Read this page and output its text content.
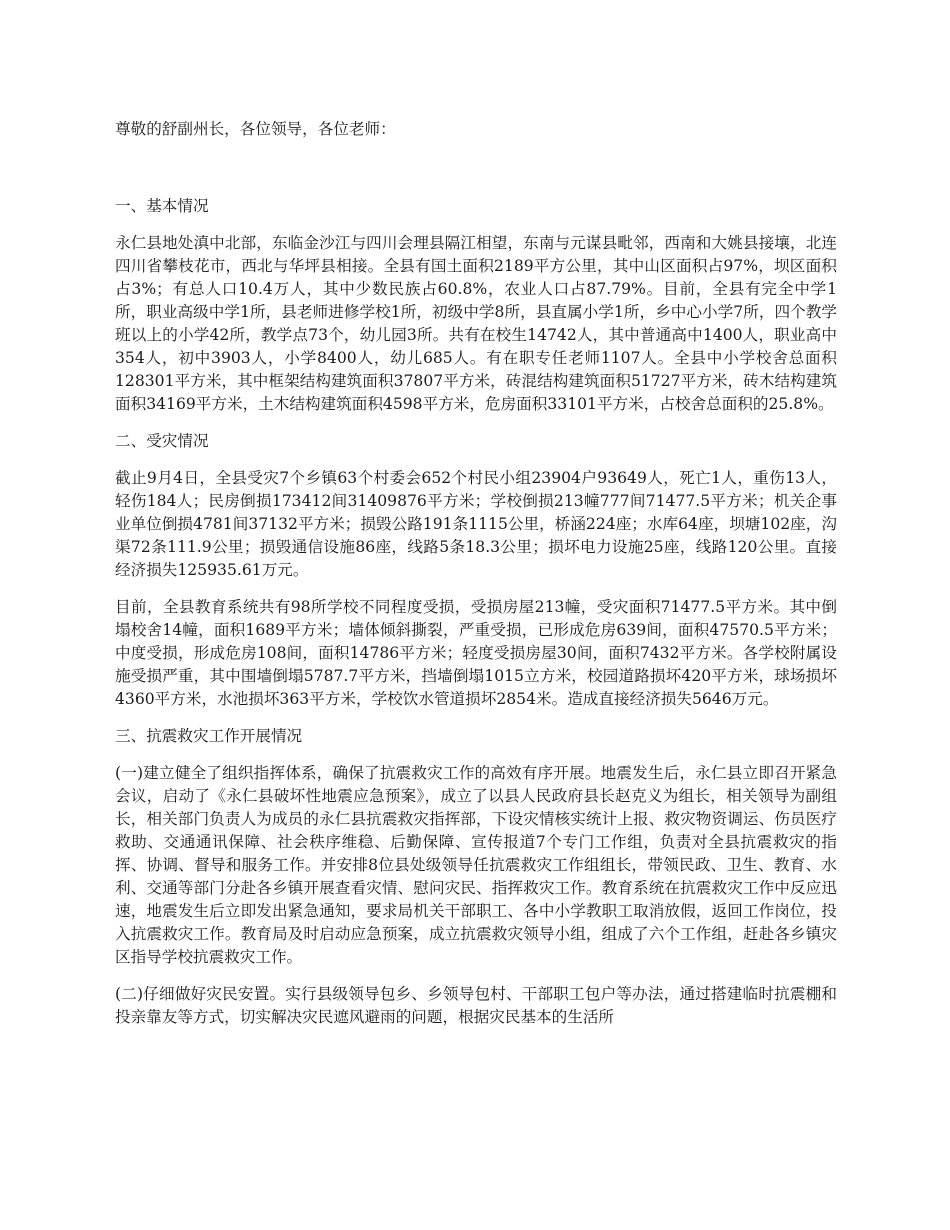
尊敬的舒副州长，各位领导，各位老师：

一、基本情况

永仁县地处滇中北部，东临金沙江与四川会理县隔江相望，东南与元谋县毗邻，西南和大姚县接壤，北连四川省攀枝花市，西北与华坪县相接。全县有国土面积2189平方公里，其中山区面积占97%，坝区面积占3%；有总人口10.4万人，其中少数民族占60.8%，农业人口占87.79%。目前，全县有完全中学1所，职业高级中学1所，县老师进修学校1所，初级中学8所，县直属小学1所，乡中心小学7所，四个教学班以上的小学42所，教学点73个，幼儿园3所。共有在校生14742人，其中普通高中1400人，职业高中354人，初中3903人，小学8400人，幼儿685人。有在职专任老师1107人。全县中小学校舍总面积128301平方米，其中框架结构建筑面积37807平方米，砖混结构建筑面积51727平方米，砖木结构建筑面积34169平方米，土木结构建筑面积4598平方米，危房面积33101平方米，占校舍总面积的25.8%。

二、受灾情况

截止9月4日，全县受灾7个乡镇63个村委会652个村民小组23904户93649人，死亡1人，重伤13人，轻伤184人；民房倒损173412间31409876平方米；学校倒损213幢777间71477.5平方米；机关企事业单位倒损4781间37132平方米；损毁公路191条1115公里，桥涵224座；水库64座，坝塘102座，沟渠72条111.9公里；损毁通信设施86座，线路5条18.3公里；损坏电力设施25座，线路120公里。直接经济损失125935.61万元。

目前，全县教育系统共有98所学校不同程度受损，受损房屋213幢，受灾面积71477.5平方米。其中倒塌校舍14幢，面积1689平方米；墙体倾斜撕裂，严重受损，已形成危房639间，面积47570.5平方米；中度受损，形成危房108间，面积14786平方米；轻度受损房屋30间，面积7432平方米。各学校附属设施受损严重，其中围墙倒塌5787.7平方米，挡墙倒塌1015立方米，校园道路损坏420平方米，球场损坏4360平方米，水池损坏363平方米，学校饮水管道损坏2854米。造成直接经济损失5646万元。

三、抗震救灾工作开展情况

(一)建立健全了组织指挥体系，确保了抗震救灾工作的高效有序开展。地震发生后，永仁县立即召开紧急会议，启动了《永仁县破坏性地震应急预案》，成立了以县人民政府县长赵克义为组长，相关领导为副组长，相关部门负责人为成员的永仁县抗震救灾指挥部，下设灾情核实统计上报、救灾物资调运、伤员医疗救助、交通通讯保障、社会秩序维稳、后勤保障、宣传报道7个专门工作组，负责对全县抗震救灾的指挥、协调、督导和服务工作。并安排8位县处级领导任抗震救灾工作组组长，带领民政、卫生、教育、水利、交通等部门分赴各乡镇开展查看灾情、慰问灾民、指挥救灾工作。教育系统在抗震救灾工作中反应迅速，地震发生后立即发出紧急通知，要求局机关干部职工、各中小学教职工取消放假，返回工作岗位，投入抗震救灾工作。教育局及时启动应急预案，成立抗震救灾领导小组，组成了六个工作组，赶赴各乡镇灾区指导学校抗震救灾工作。

(二)仔细做好灾民安置。实行县级领导包乡、乡领导包村、干部职工包户等办法，通过搭建临时抗震棚和投亲靠友等方式，切实解决灾民遮风避雨的问题，根据灾民基本的生活所
